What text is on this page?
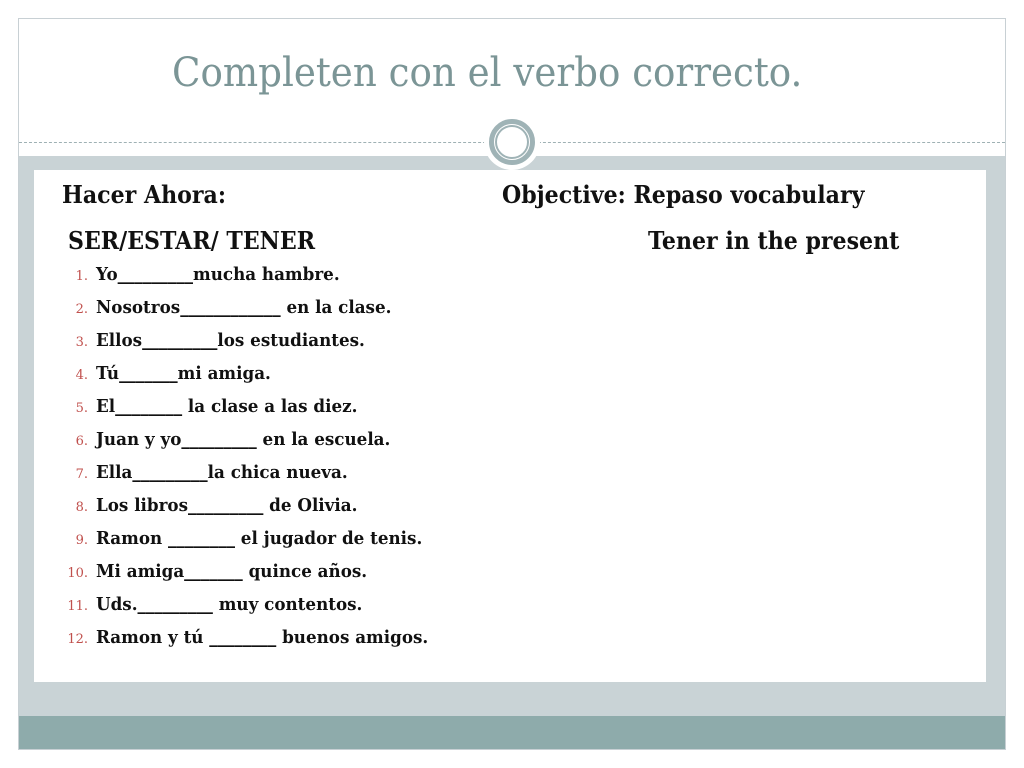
Completen con el verbo correcto.
Hacer Ahora:	Objective: Repaso vocabulary
SER/ESTAR/ TENER	Tener in the present
1. Yo_________mucha hambre.
2. Nosotros____________ en la clase.
3. Ellos_________los estudiantes.
4. Tú_______mi amiga.
5. El________ la clase a las diez.
6. Juan y yo_________ en la escuela.
7. Ella_________la chica nueva.
8. Los libros_________ de Olivia.
9. Ramon ________ el jugador de tenis.
10. Mi amiga_______ quince años.
11. Uds._________ muy contentos.
12. Ramon y tú ________ buenos amigos.
